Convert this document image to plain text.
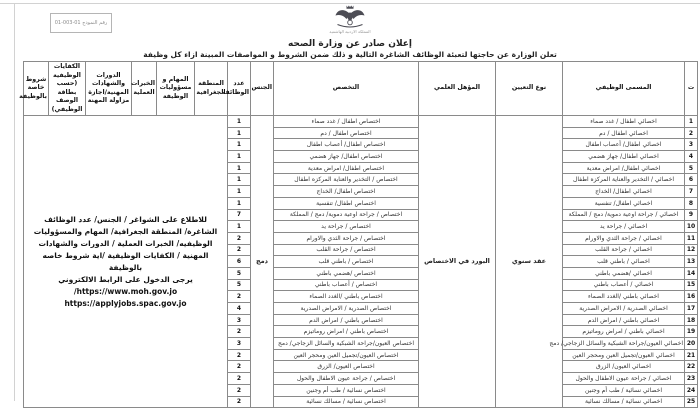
رقم النموذج 01-003-01
المملكة الاردنية الهاشمية
إعلان صادر عن وزارة الصحه
تعلن الوزارة عن حاجتها لتعبئة الوظائف الشاغرة التالية و ذلك ضمن الشروط و المواصفات المبينة ازاء كل وظيفة
ت	المسمى الوظيفي	نوع التعيين	المؤهل العلمي	التخصص	الجنس	عدد الوظائف	المنطقة الجغرافية	المهام و مسؤوليات الوظيفة	الخبرات العملية	الدورات والشهادات المهنية/اجازة مزاولة المهنة	الكفايات الوظيفية (حسب بطاقة الوصف الوظيفي)	شروط خاصة بالوظيفة
1	اخصائي اطفال / غدد صماء	عقد سنوي	البورد في الاختصاص	اختصاص اطفال / غدد صماء	دمج	1	للاطلاع على الشواغر / الجنس/ عدد الوظائف الشاغرة/ المنطقة الجغرافية/ المهام والمسؤوليات الوظيفيه/ الخبرات العملية / الدورات والشهادات المهنية / الكفايات الوظيفية /اية شروط خاصه بالوظيفة
يرجى الدخول على الرابط الالكتروني
https://www.moh.gov.jo/
https://applyjobs.spac.gov.jo					

2	اخصائي اطفال / دم			اختصاص اطفال / دم		1						
3	اخصائي اطفال/ أعصاب اطفال			اختصاص اطفال/ أعصاب اطفال		1						
4	اخصائي اطفال/ جهاز هضمي			اختصاص اطفال/ جهاز هضمي		1						
5	اخصائي اطفال/ امراض معدية			اختصاص اطفال/ امراض معدية		1						
6	اخصائي / التخدير والعناية المركزه اطفال			اختصاص / التخدير والعناية المركزه اطفال		1						
7	اخصائي اطفال/ الخداج			اختصاص اطفال/ الخداج		1						
8	اخصائي اطفال/ تنفسية			اختصاص اطفال/ تنفسية		1						
9	اخصائي / جراحة اوعية دموية/ دمج / المملكة			اختصاص / جراحة اوعية دموية/ دمج / المملكة		7						
10	اخصائي / جراحة يد			اختصاص / جراحة يد		1						
11	اخصائي / جراحة الثدي والاورام			اختصاص / جراحة الثدي والاورام		2						
12	اخصائي / جراحة القلب			اختصاص / جراحة القلب		2						
13	اخصائي / باطني قلب			اختصاص / باطني قلب		6						
14	اخصائي /هضمي باطني			اختصاص /هضمي باطني		5						
15	اخصائي / أعصاب باطني			اختصاص / أعصاب باطني		5						
16	اخصائي باطني /الغدد الصماء			اختصاص باطني /الغدد الصماء		2						
17	اخصائي الصدرية / الامراض الصدرية			اختصاص الصدرية / الامراض الصدرية		4						
18	اخصائي باطني / امراض الدم			اختصاص باطني / امراض الدم		3						
19	اخصائي باطني / امراض روماتيزم			اختصاص باطني / امراض روماتيزم		2						
20	اخصائي العيون/جراحة الشبكية والسائل الزجاجي/ دمج			اختصاص العيون/جراحة الشبكية والسائل الزجاجي/ دمج		3						
21	اخصائي العيون/تجميل العين ومحجر العين			اختصاص العيون/تجميل العين ومحجر العين		2						
22	اخصائي العيون/ الزرق			اختصاص العيون/ الزرق		2						
23	اخصائي / جراحة عيون الاطفال والحول			اختصاص / جراحة عيون الاطفال والحول		2						
24	اخصائي نسائية / طب أم وجنين			اختصاص نسائية / طب أم وجنين		2						
25	اخصائي نسائية / مسالك نسائية			اختصاص نسائية / مسالك نسائية		2						
